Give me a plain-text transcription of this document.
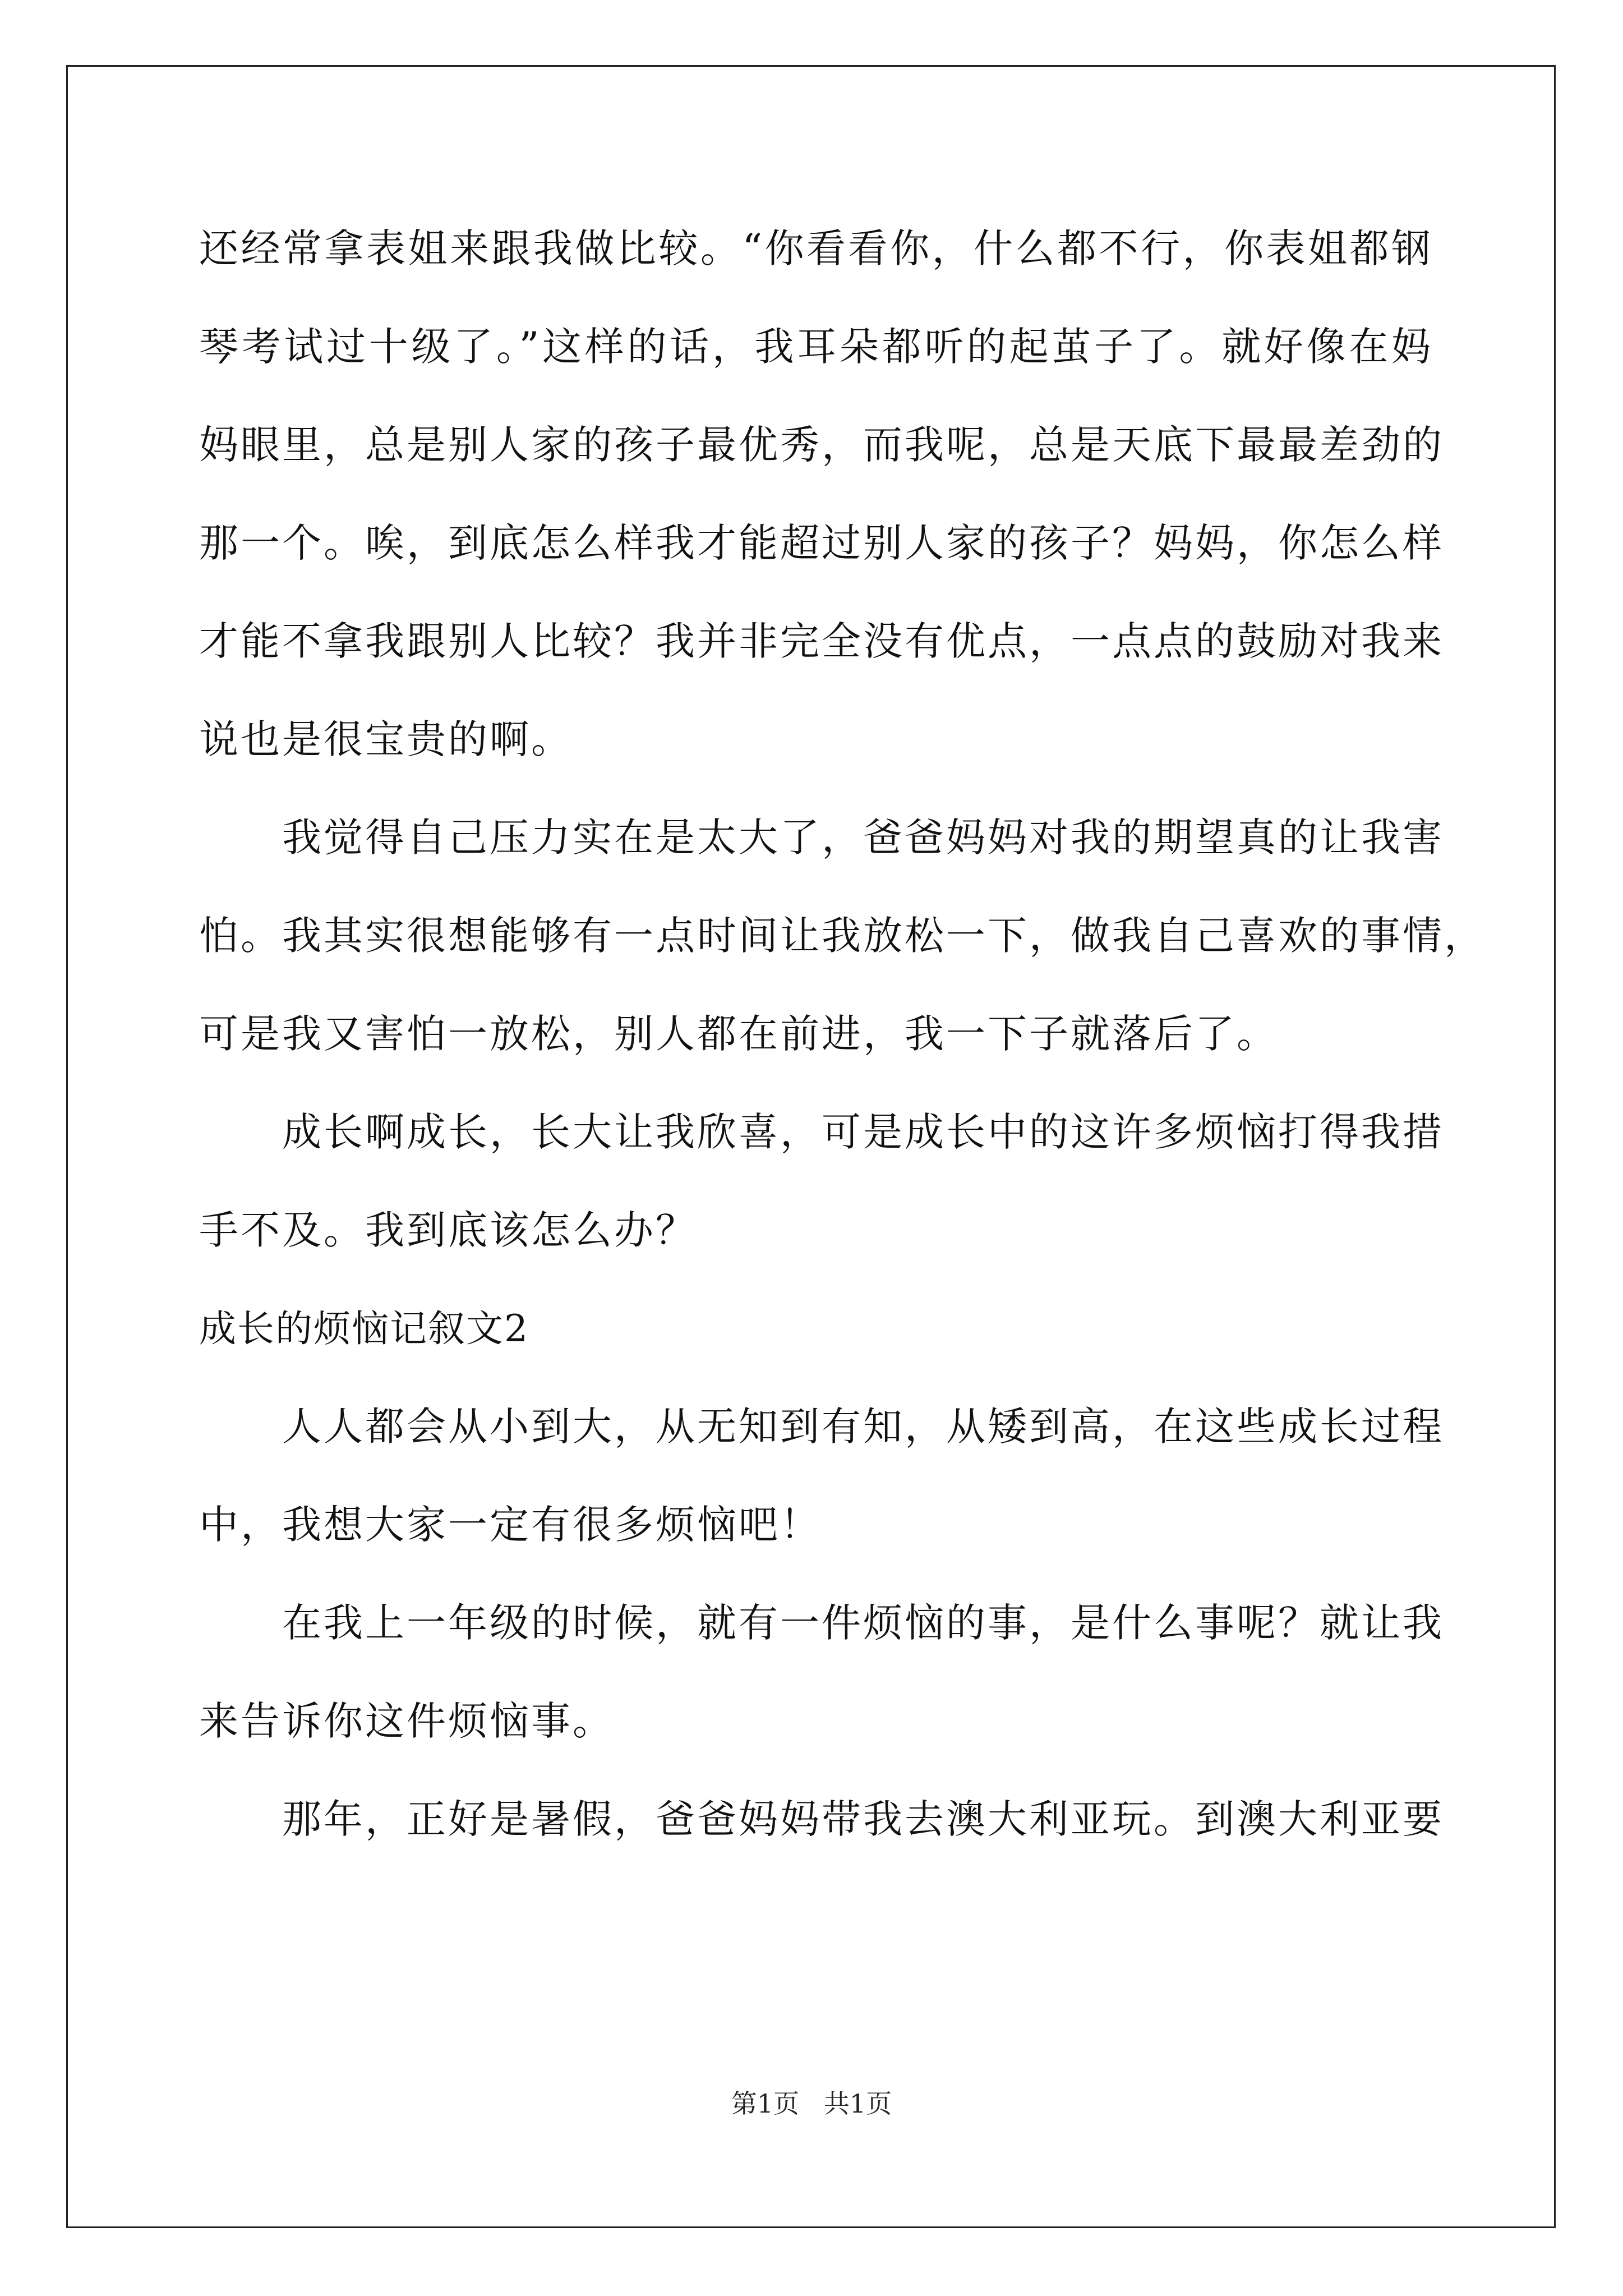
还经常拿表姐来跟我做比较。“你看看你，什么都不行，你表姐都钢
琴考试过十级了。”这样的话，我耳朵都听的起茧子了。就好像在妈
妈眼里，总是别人家的孩子最优秀，而我呢，总是天底下最最差劲的
那一个。唉，到底怎么样我才能超过别人家的孩子？妈妈，你怎么样
才能不拿我跟别人比较？我并非完全没有优点，一点点的鼓励对我来
说也是很宝贵的啊。
我觉得自己压力实在是太大了，爸爸妈妈对我的期望真的让我害
怕。我其实很想能够有一点时间让我放松一下，做我自己喜欢的事情，
可是我又害怕一放松，别人都在前进，我一下子就落后了。
成长啊成长，长大让我欣喜，可是成长中的这许多烦恼打得我措
手不及。我到底该怎么办？
成长的烦恼记叙文2
人人都会从小到大，从无知到有知，从矮到高，在这些成长过程
中，我想大家一定有很多烦恼吧！
在我上一年级的时候，就有一件烦恼的事，是什么事呢？就让我
来告诉你这件烦恼事。
那年，正好是暑假，爸爸妈妈带我去澳大利亚玩。到澳大利亚要
第1页   共1页
